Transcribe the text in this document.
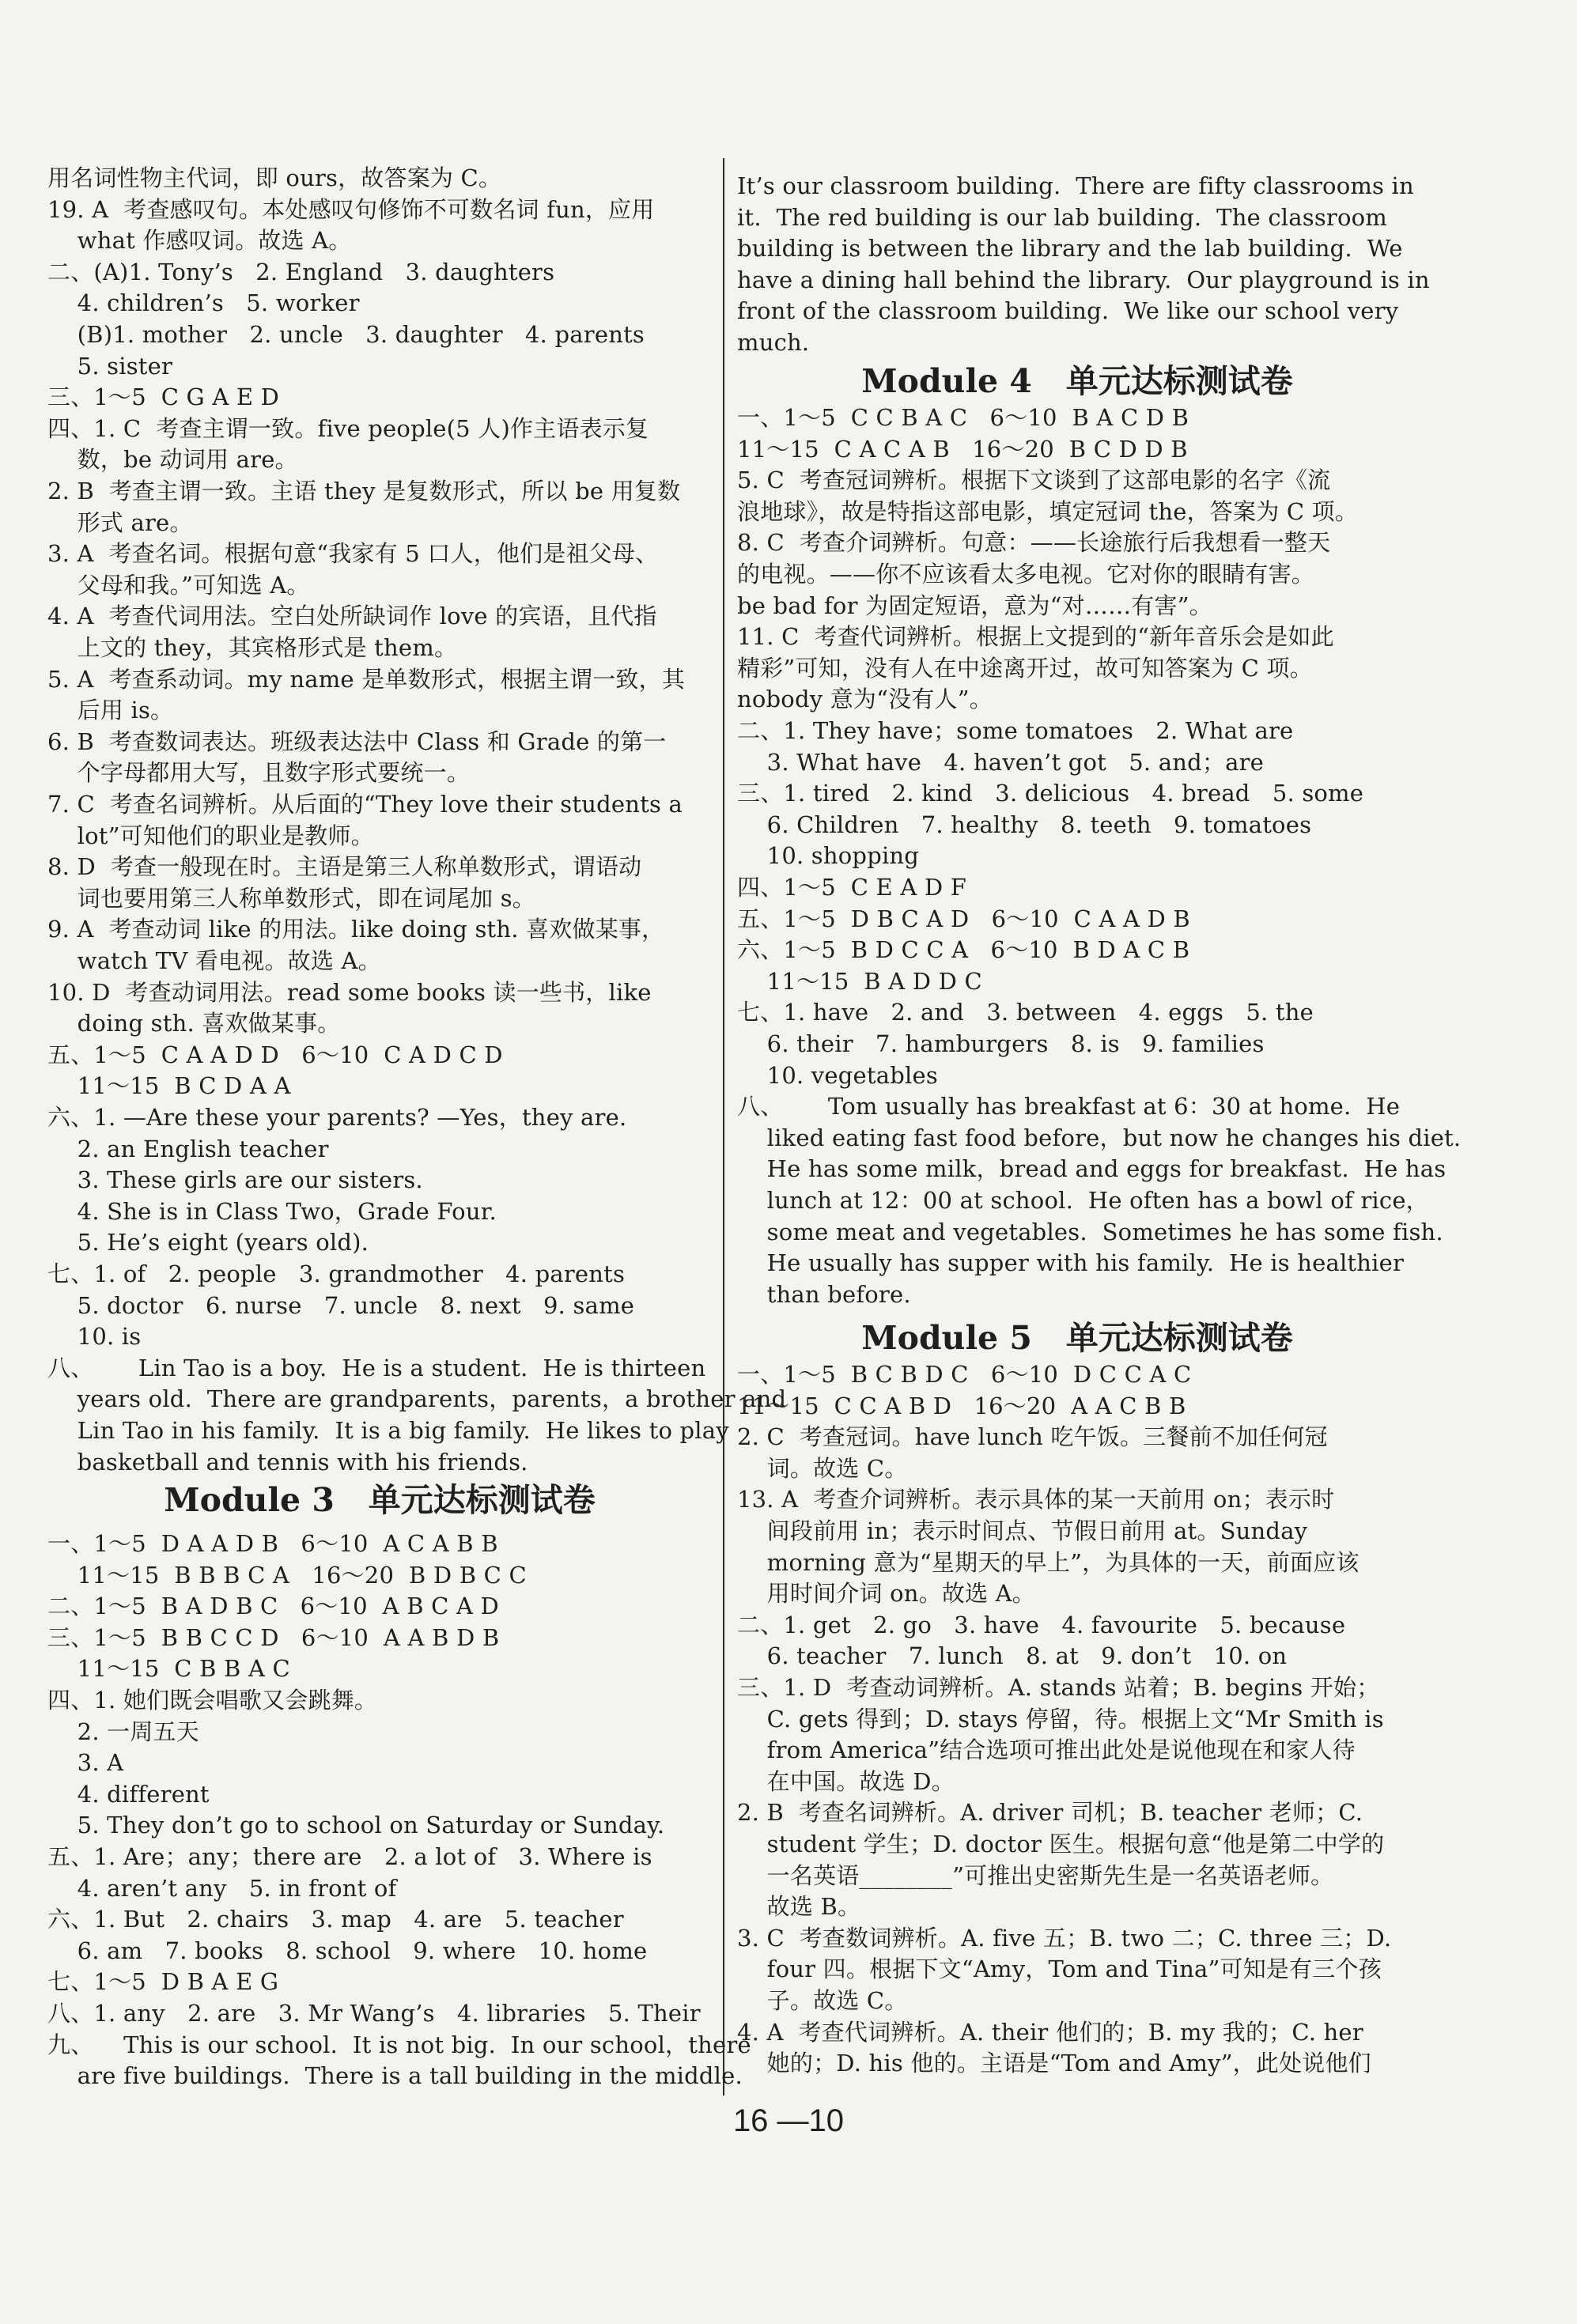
用名词性物主代词，即 ours，故答案为 C。
19. A  考查感叹句。本处感叹句修饰不可数名词 fun，应用
what 作感叹词。故选 A。
二、(A)1. Tony’s   2. England   3. daughters
4. children’s   5. worker
(B)1. mother   2. uncle   3. daughter   4. parents
5. sister
三、1～5  C G A E D
四、1. C  考查主谓一致。five people(5 人)作主语表示复
数，be 动词用 are。
2. B  考查主谓一致。主语 they 是复数形式，所以 be 用复数
形式 are。
3. A  考查名词。根据句意“我家有 5 口人，他们是祖父母、
父母和我。”可知选 A。
4. A  考查代词用法。空白处所缺词作 love 的宾语，且代指
上文的 they，其宾格形式是 them。
5. A  考查系动词。my name 是单数形式，根据主谓一致，其
后用 is。
6. B  考查数词表达。班级表达法中 Class 和 Grade 的第一
个字母都用大写，且数字形式要统一。
7. C  考查名词辨析。从后面的“They love their students a
lot”可知他们的职业是教师。
8. D  考查一般现在时。主语是第三人称单数形式，谓语动
词也要用第三人称单数形式，即在词尾加 s。
9. A  考查动词 like 的用法。like doing sth. 喜欢做某事，
watch TV 看电视。故选 A。
10. D  考查动词用法。read some books 读一些书，like
doing sth. 喜欢做某事。
五、1～5  C A A D D   6～10  C A D C D
11～15  B C D A A
六、1. —Are these your parents? —Yes，they are.
2. an English teacher
3. These girls are our sisters.
4. She is in Class Two，Grade Four.
5. He’s eight (years old).
七、1. of   2. people   3. grandmother   4. parents
5. doctor   6. nurse   7. uncle   8. next   9. same
10. is
八、      Lin Tao is a boy.  He is a student.  He is thirteen
years old.  There are grandparents，parents，a brother and
Lin Tao in his family.  It is a big family.  He likes to play
basketball and tennis with his friends.
Module 3   单元达标测试卷
一、1～5  D A A D B   6～10  A C A B B
11～15  B B B C A   16～20  B D B C C
二、1～5  B A D B C   6～10  A B C A D
三、1～5  B B C C D   6～10  A A B D B
11～15  C B B A C
四、1. 她们既会唱歌又会跳舞。
2. 一周五天
3. A
4. different
5. They don’t go to school on Saturday or Sunday.
五、1. Are；any；there are   2. a lot of   3. Where is
4. aren’t any   5. in front of
六、1. But   2. chairs   3. map   4. are   5. teacher
6. am   7. books   8. school   9. where   10. home
七、1～5  D B A E G
八、1. any   2. are   3. Mr Wang’s   4. libraries   5. Their
九、    This is our school.  It is not big.  In our school，there
are five buildings.  There is a tall building in the middle.
It’s our classroom building.  There are fifty classrooms in
it.  The red building is our lab building.  The classroom
building is between the library and the lab building.  We
have a dining hall behind the library.  Our playground is in
front of the classroom building.  We like our school very
much.
Module 4   单元达标测试卷
一、1～5  C C B A C   6～10  B A C D B
11～15  C A C A B   16～20  B C D D B
5. C  考查冠词辨析。根据下文谈到了这部电影的名字《流
浪地球》，故是特指这部电影，填定冠词 the，答案为 C 项。
8. C  考查介词辨析。句意：——长途旅行后我想看一整天
的电视。——你不应该看太多电视。它对你的眼睛有害。
be bad for 为固定短语，意为“对……有害”。
11. C  考查代词辨析。根据上文提到的“新年音乐会是如此
精彩”可知，没有人在中途离开过，故可知答案为 C 项。
nobody 意为“没有人”。
二、1. They have；some tomatoes   2. What are
3. What have   4. haven’t got   5. and；are
三、1. tired   2. kind   3. delicious   4. bread   5. some
6. Children   7. healthy   8. teeth   9. tomatoes
10. shopping
四、1～5  C E A D F
五、1～5  D B C A D   6～10  C A A D B
六、1～5  B D C C A   6～10  B D A C B
11～15  B A D D C
七、1. have   2. and   3. between   4. eggs   5. the
6. their   7. hamburgers   8. is   9. families
10. vegetables
八、      Tom usually has breakfast at 6：30 at home.  He
liked eating fast food before，but now he changes his diet.
He has some milk，bread and eggs for breakfast.  He has
lunch at 12：00 at school.  He often has a bowl of rice，
some meat and vegetables.  Sometimes he has some fish.
He usually has supper with his family.  He is healthier
than before.
Module 5   单元达标测试卷
一、1～5  B C B D C   6～10  D C C A C
11～15  C C A B D   16～20  A A C B B
2. C  考查冠词。have lunch 吃午饭。三餐前不加任何冠
词。故选 C。
13. A  考查介词辨析。表示具体的某一天前用 on；表示时
间段前用 in；表示时间点、节假日前用 at。Sunday
morning 意为“星期天的早上”，为具体的一天，前面应该
用时间介词 on。故选 A。
二、1. get   2. go   3. have   4. favourite   5. because
6. teacher   7. lunch   8. at   9. don’t   10. on
三、1. D  考查动词辨析。A. stands 站着；B. begins 开始；
C. gets 得到；D. stays 停留，待。根据上文“Mr Smith is
from America”结合选项可推出此处是说他现在和家人待
在中国。故选 D。
2. B  考查名词辨析。A. driver 司机；B. teacher 老师；C.
student 学生；D. doctor 医生。根据句意“他是第二中学的
一名英语________”可推出史密斯先生是一名英语老师。
故选 B。
3. C  考查数词辨析。A. five 五；B. two 二；C. three 三；D.
four 四。根据下文“Amy，Tom and Tina”可知是有三个孩
子。故选 C。
4. A  考查代词辨析。A. their 他们的；B. my 我的；C. her
她的；D. his 他的。主语是“Tom and Amy”，此处说他们
16 —10
